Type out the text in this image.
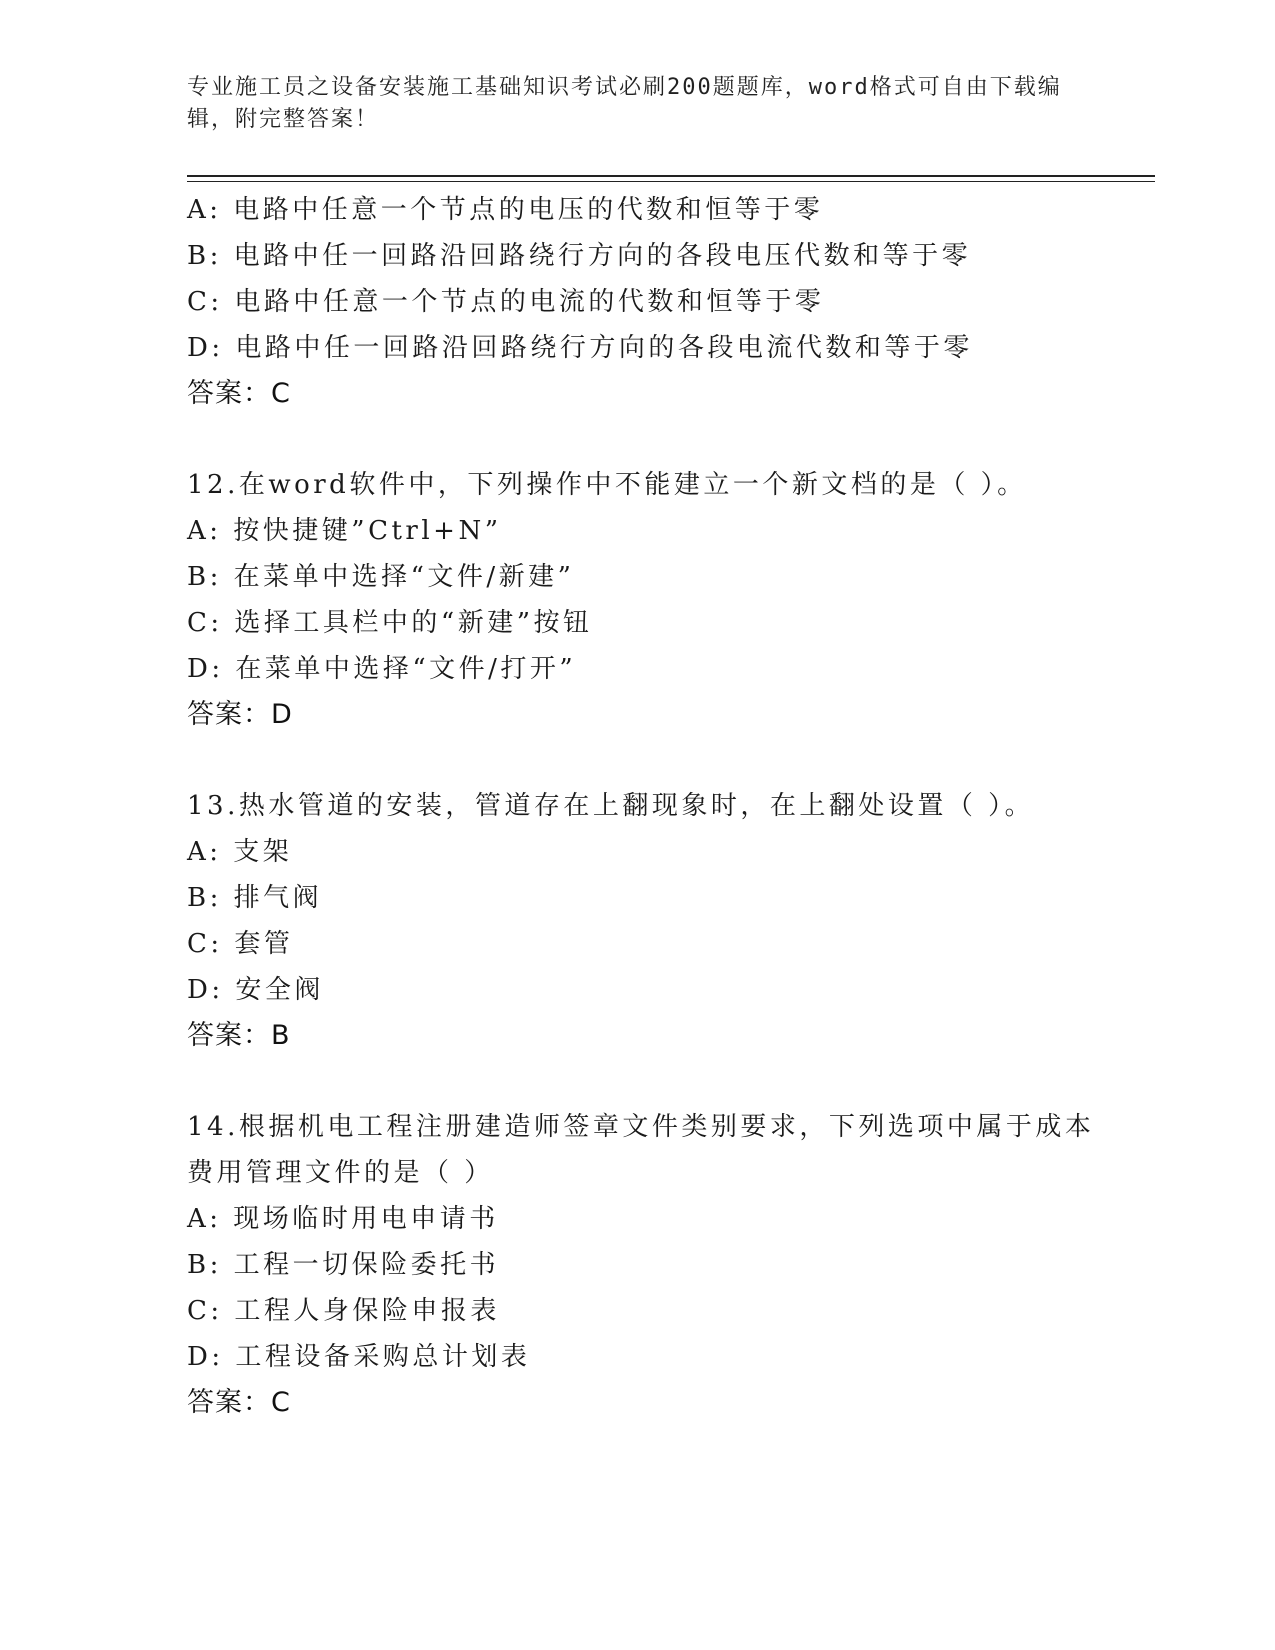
专业施工员之设备安装施工基础知识考试必刷200题题库，word格式可自由下载编辑，附完整答案！
A: 电路中任意一个节点的电压的代数和恒等于零
B: 电路中任一回路沿回路绕行方向的各段电压代数和等于零
C: 电路中任意一个节点的电流的代数和恒等于零
D: 电路中任一回路沿回路绕行方向的各段电流代数和等于零
答案：C
12.在word软件中，下列操作中不能建立一个新文档的是（ ）。
A: 按快捷键”Ctrl+N”
B: 在菜单中选择“文件/新建”
C: 选择工具栏中的“新建”按钮
D: 在菜单中选择“文件/打开”
答案：D
13.热水管道的安装，管道存在上翻现象时，在上翻处设置（ ）。
A: 支架
B: 排气阀
C: 套管
D: 安全阀
答案：B
14.根据机电工程注册建造师签章文件类别要求，下列选项中属于成本费用管理文件的是（ ）
A: 现场临时用电申请书
B: 工程一切保险委托书
C: 工程人身保险申报表
D: 工程设备采购总计划表
答案：C
